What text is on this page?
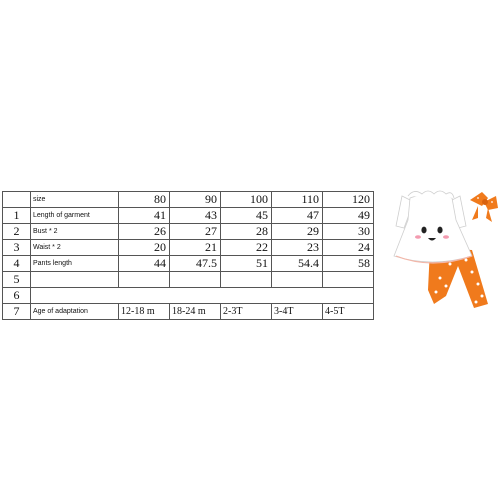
	size	80	90	100	110	120
1	Length of garment	41	43	45	47	49
2	Bust * 2	26	27	28	29	30
3	Waist * 2	20	21	22	23	24
4	Pants length	44	47.5	51	54.4	58
5						
6						
7	Age of adaptation	12-18 m	18-24 m	2-3T	3-4T	4-5T
